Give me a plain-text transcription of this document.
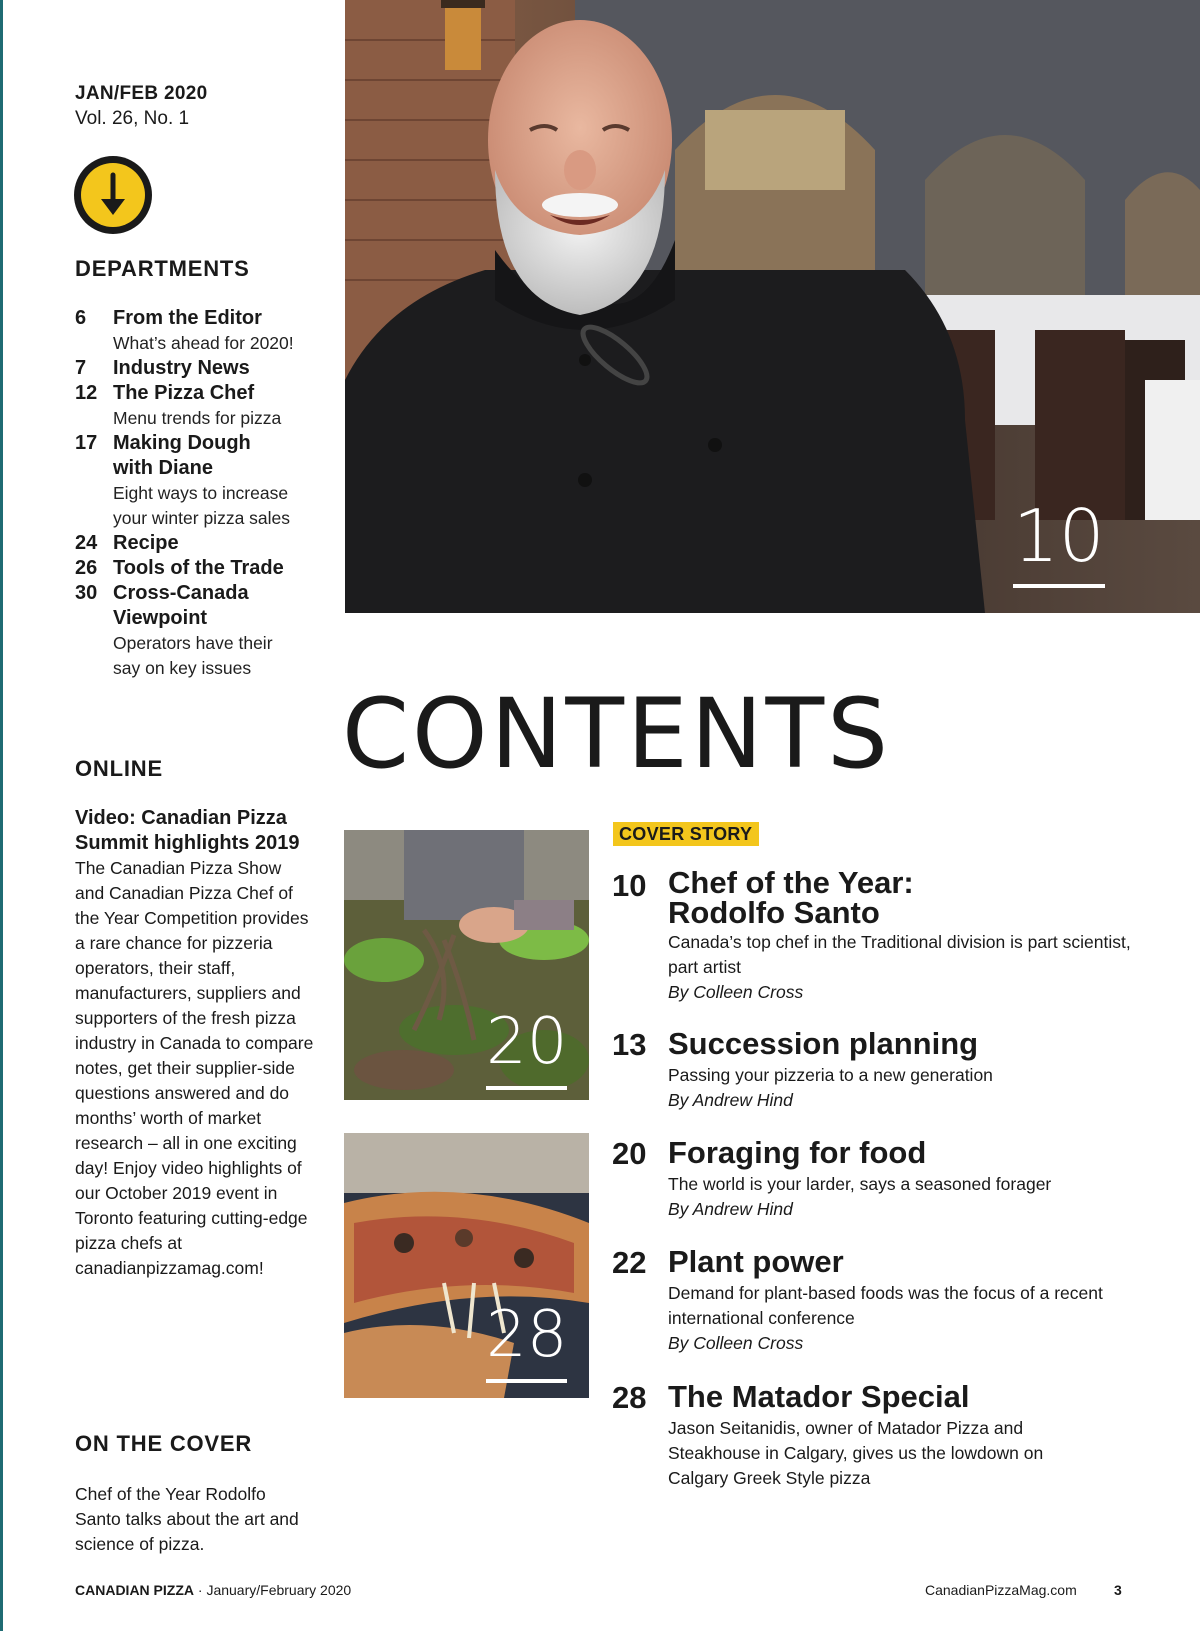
JAN/FEB 2020
Vol. 26, No. 1
DEPARTMENTS
6 From the Editor
What’s ahead for 2020!
7 Industry News
12 The Pizza Chef
Menu trends for pizza
17 Making Dough with Diane
Eight ways to increase your winter pizza sales
24 Recipe
26 Tools of the Trade
30 Cross-Canada Viewpoint
Operators have their say on key issues
ONLINE
Video: Canadian Pizza Summit highlights 2019
The Canadian Pizza Show and Canadian Pizza Chef of the Year Competition provides a rare chance for pizzeria operators, their staff, manufacturers, suppliers and supporters of the fresh pizza industry in Canada to compare notes, get their supplier-side questions answered and do months’ worth of market research – all in one exciting day! Enjoy video highlights of our October 2019 event in Toronto featuring cutting-edge pizza chefs at canadianpizzamag.com!
ON THE COVER
Chef of the Year Rodolfo Santo talks about the art and science of pizza.
10
CONTENTS
20
28
COVER STORY
10 Chef of the Year: Rodolfo Santo
Canada’s top chef in the Traditional division is part scientist, part artist
By Colleen Cross
13 Succession planning
Passing your pizzeria to a new generation
By Andrew Hind
20 Foraging for food
The world is your larder, says a seasoned forager
By Andrew Hind
22 Plant power
Demand for plant-based foods was the focus of a recent international conference
By Colleen Cross
28 The Matador Special
Jason Seitanidis, owner of Matador Pizza and Steakhouse in Calgary, gives us the lowdown on Calgary Greek Style pizza
CANADIAN PIZZA · January/February 2020	CanadianPizzaMag.com	3
